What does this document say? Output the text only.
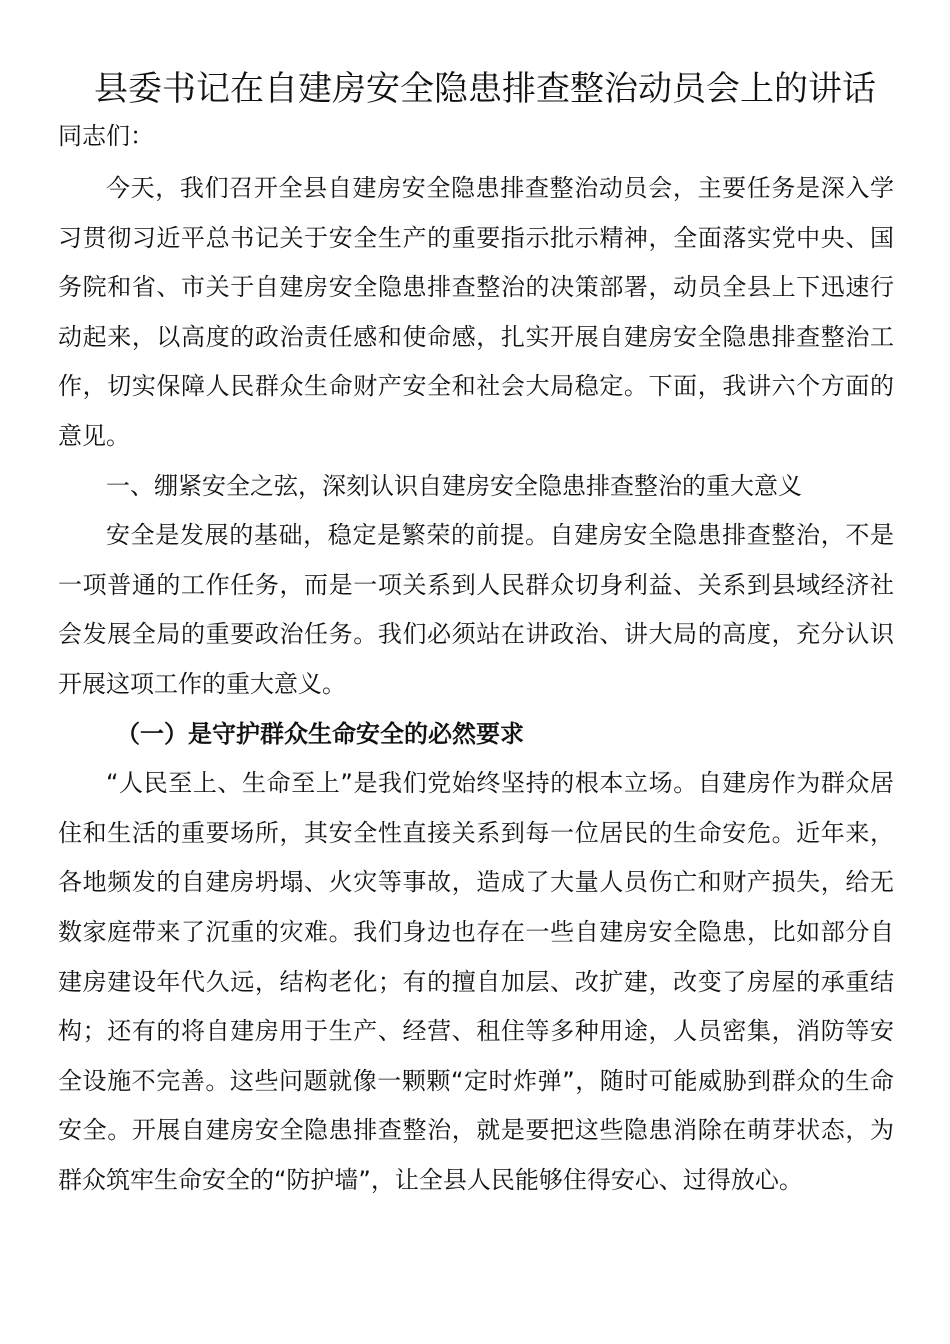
县委书记在自建房安全隐患排查整治动员会上的讲话

同志们：

今天，我们召开全县自建房安全隐患排查整治动员会，主要任务是深入学习贯彻习近平总书记关于安全生产的重要指示批示精神，全面落实党中央、国务院和省、市关于自建房安全隐患排查整治的决策部署，动员全县上下迅速行动起来，以高度的政治责任感和使命感，扎实开展自建房安全隐患排查整治工作，切实保障人民群众生命财产安全和社会大局稳定。下面，我讲六个方面的意见。

一、绷紧安全之弦，深刻认识自建房安全隐患排查整治的重大意义

安全是发展的基础，稳定是繁荣的前提。自建房安全隐患排查整治，不是一项普通的工作任务，而是一项关系到人民群众切身利益、关系到县域经济社会发展全局的重要政治任务。我们必须站在讲政治、讲大局的高度，充分认识开展这项工作的重大意义。

（一）是守护群众生命安全的必然要求

“人民至上、生命至上”是我们党始终坚持的根本立场。自建房作为群众居住和生活的重要场所，其安全性直接关系到每一位居民的生命安危。近年来，各地频发的自建房坍塌、火灾等事故，造成了大量人员伤亡和财产损失，给无数家庭带来了沉重的灾难。我们身边也存在一些自建房安全隐患，比如部分自建房建设年代久远，结构老化；有的擅自加层、改扩建，改变了房屋的承重结构；还有的将自建房用于生产、经营、租住等多种用途，人员密集，消防等安全设施不完善。这些问题就像一颗颗“定时炸弹”，随时可能威胁到群众的生命安全。开展自建房安全隐患排查整治，就是要把这些隐患消除在萌芽状态，为群众筑牢生命安全的“防护墙”，让全县人民能够住得安心、过得放心。
